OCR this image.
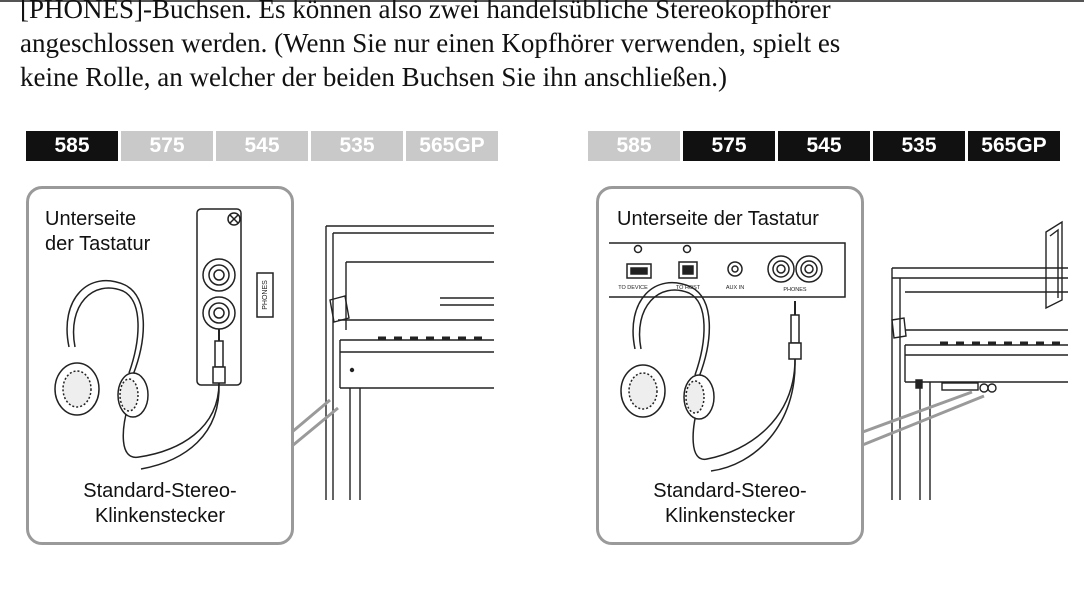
[PHONES]-Buchsen. Es können also zwei handelsübliche Stereokopfhörer
angeschlossen werden. (Wenn Sie nur einen Kopfhörer verwenden, spielt es
keine Rolle, an welcher der beiden Buchsen Sie ihn anschließen.)
585	575	545	535	565GP	585	575	545	535	565GP
Unterseite
der Tastatur
PHONES
Standard-Stereo-
Klinkenstecker
Unterseite der Tastatur
TO DEVICE	TO HOST	AUX IN	PHONES
Standard-Stereo-
Klinkenstecker
